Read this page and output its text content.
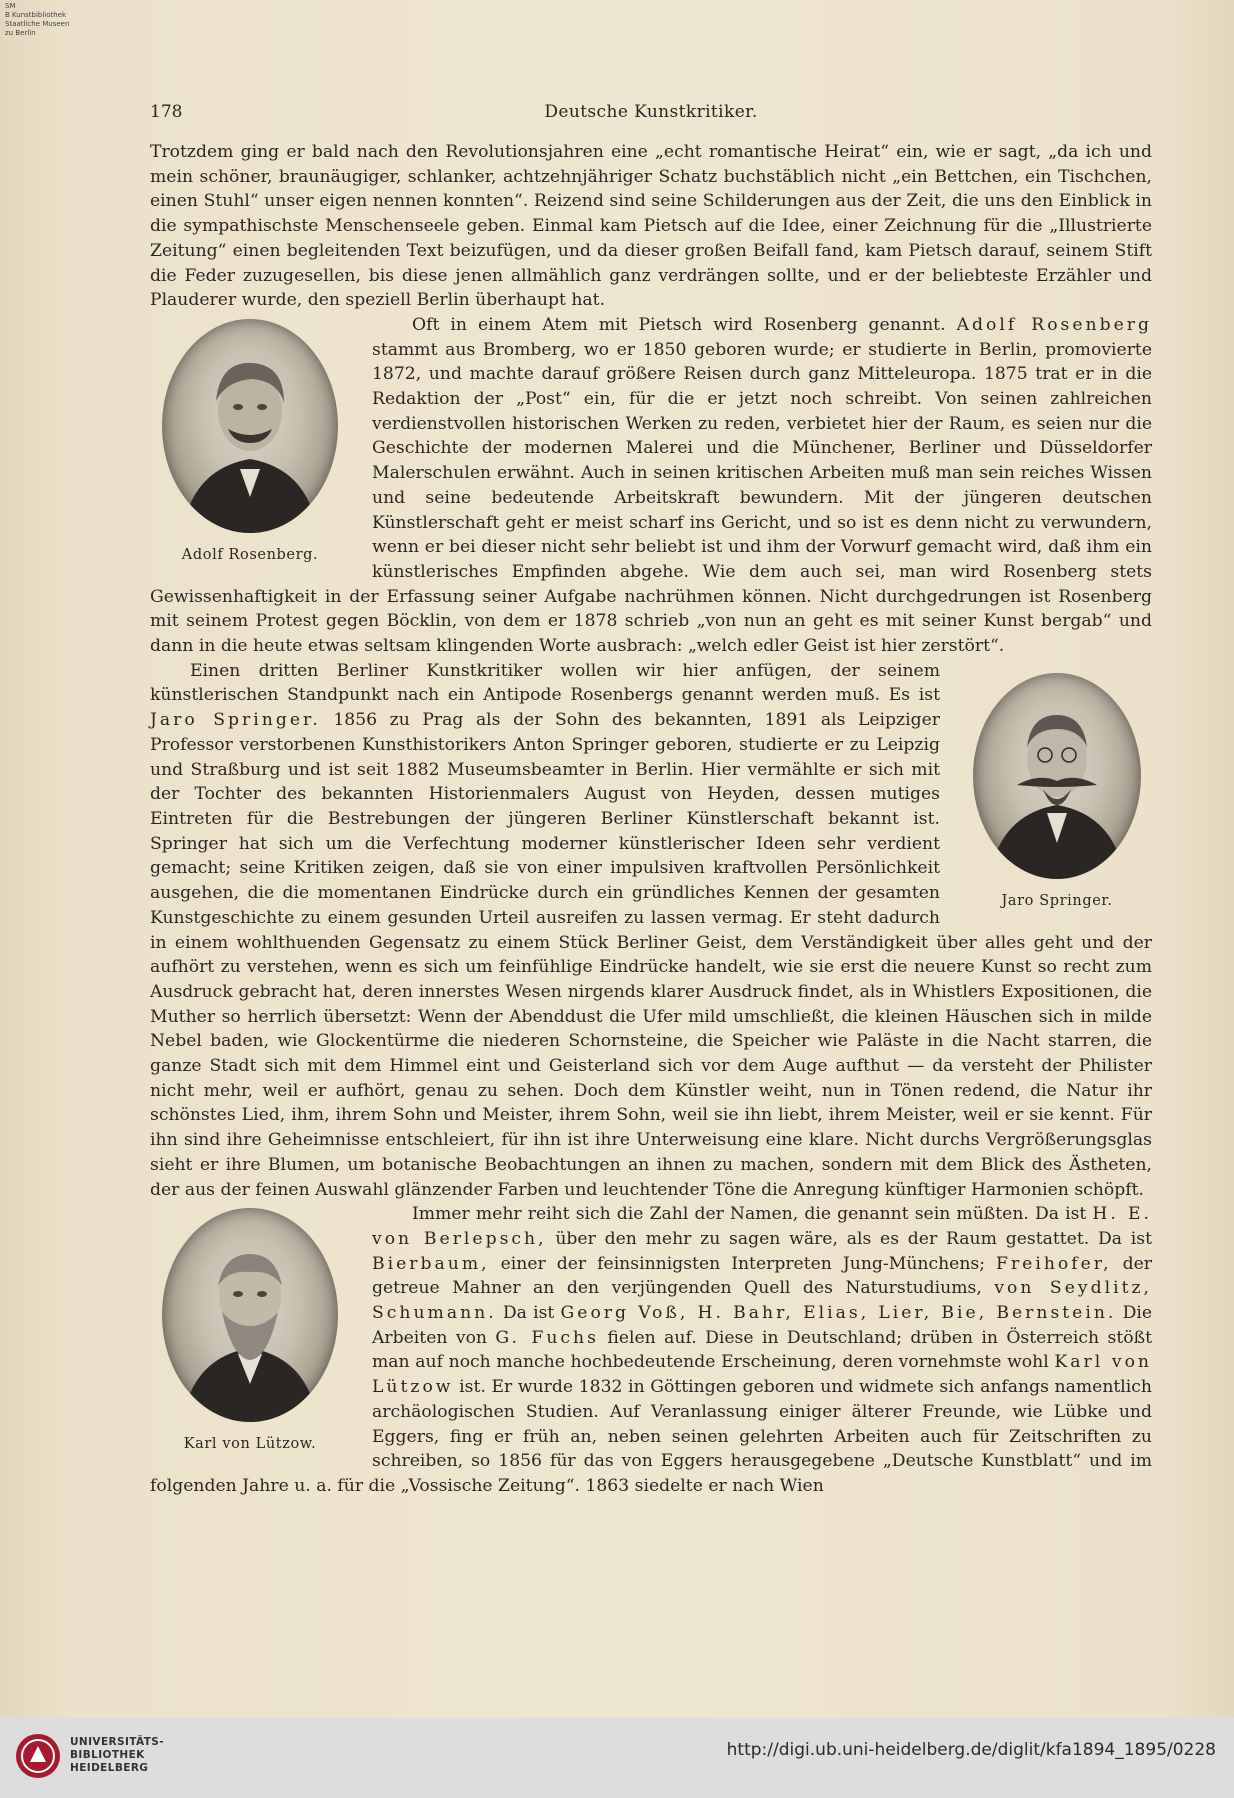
SM
B Kunstbibliothek
Staatliche Museen
zu Berlin
178	Deutsche Kunstkritiker.

Trotzdem ging er bald nach den Revolutionsjahren eine „echt romantische Heirat“ ein, wie er sagt, „da ich und mein schöner, braunäugiger, schlanker, achtzehnjähriger Schatz buchstäblich nicht „ein Bettchen, ein Tischchen, einen Stuhl“ unser eigen nennen konnten“. Reizend sind seine Schilderungen aus der Zeit, die uns den Einblick in die sympathischste Menschenseele geben. Einmal kam Pietsch auf die Idee, einer Zeichnung für die „Illustrierte Zeitung“ einen begleitenden Text beizufügen, und da dieser großen Beifall fand, kam Pietsch darauf, seinem Stift die Feder zuzugesellen, bis diese jenen allmählich ganz verdrängen sollte, und er der beliebteste Erzähler und Plauderer wurde, den speziell Berlin überhaupt hat.

Adolf Rosenberg.

Oft in einem Atem mit Pietsch wird Rosenberg genannt. Adolf Rosenberg stammt aus Bromberg, wo er 1850 geboren wurde; er studierte in Berlin, promovierte 1872, und machte darauf größere Reisen durch ganz Mitteleuropa. 1875 trat er in die Redaktion der „Post“ ein, für die er jetzt noch schreibt. Von seinen zahlreichen verdienstvollen historischen Werken zu reden, verbietet hier der Raum, es seien nur die Geschichte der modernen Malerei und die Münchener, Berliner und Düsseldorfer Malerschulen erwähnt. Auch in seinen kritischen Arbeiten muß man sein reiches Wissen und seine bedeutende Arbeitskraft bewundern. Mit der jüngeren deutschen Künstlerschaft geht er meist scharf ins Gericht, und so ist es denn nicht zu verwundern, wenn er bei dieser nicht sehr beliebt ist und ihm der Vorwurf gemacht wird, daß ihm ein künstlerisches Empfinden abgehe. Wie dem auch sei, man wird Rosenberg stets Gewissenhaftigkeit in der Erfassung seiner Aufgabe nachrühmen können. Nicht durchgedrungen ist Rosenberg mit seinem Protest gegen Böcklin, von dem er 1878 schrieb „von nun an geht es mit seiner Kunst bergab“ und dann in die heute etwas seltsam klingenden Worte ausbrach: „welch edler Geist ist hier zerstört“.

Jaro Springer.

Einen dritten Berliner Kunstkritiker wollen wir hier anfügen, der seinem künstlerischen Standpunkt nach ein Antipode Rosenbergs genannt werden muß. Es ist Jaro Springer. 1856 zu Prag als der Sohn des bekannten, 1891 als Leipziger Professor verstorbenen Kunsthistorikers Anton Springer geboren, studierte er zu Leipzig und Straßburg und ist seit 1882 Museumsbeamter in Berlin. Hier vermählte er sich mit der Tochter des bekannten Historienmalers August von Heyden, dessen mutiges Eintreten für die Bestrebungen der jüngeren Berliner Künstlerschaft bekannt ist. Springer hat sich um die Verfechtung moderner künstlerischer Ideen sehr verdient gemacht; seine Kritiken zeigen, daß sie von einer impulsiven kraftvollen Persönlichkeit ausgehen, die die momentanen Eindrücke durch ein gründliches Kennen der gesamten Kunstgeschichte zu einem gesunden Urteil ausreifen zu lassen vermag. Er steht dadurch in einem wohlthuenden Gegensatz zu einem Stück Berliner Geist, dem Verständigkeit über alles geht und der aufhört zu verstehen, wenn es sich um feinfühlige Eindrücke handelt, wie sie erst die neuere Kunst so recht zum Ausdruck gebracht hat, deren innerstes Wesen nirgends klarer Ausdruck findet, als in Whistlers Expositionen, die Muther so herrlich übersetzt: Wenn der Abenddust die Ufer mild umschließt, die kleinen Häuschen sich in milde Nebel baden, wie Glockentürme die niederen Schornsteine, die Speicher wie Paläste in die Nacht starren, die ganze Stadt sich mit dem Himmel eint und Geisterland sich vor dem Auge aufthut — da versteht der Philister nicht mehr, weil er aufhört, genau zu sehen. Doch dem Künstler weiht, nun in Tönen redend, die Natur ihr schönstes Lied, ihm, ihrem Sohn und Meister, ihrem Sohn, weil sie ihn liebt, ihrem Meister, weil er sie kennt. Für ihn sind ihre Geheimnisse entschleiert, für ihn ist ihre Unterweisung eine klare. Nicht durchs Vergrößerungsglas sieht er ihre Blumen, um botanische Beobachtungen an ihnen zu machen, sondern mit dem Blick des Ästheten, der aus der feinen Auswahl glänzender Farben und leuchtender Töne die Anregung künftiger Harmonien schöpft.

Karl von Lützow.

Immer mehr reiht sich die Zahl der Namen, die genannt sein müßten. Da ist H. E. von Berlepsch, über den mehr zu sagen wäre, als es der Raum gestattet. Da ist Bierbaum, einer der feinsinnigsten Interpreten Jung-Münchens; Freihofer, der getreue Mahner an den verjüngenden Quell des Naturstudiums, von Seydlitz, Schumann. Da ist Georg Voß, H. Bahr, Elias, Lier, Bie, Bernstein. Die Arbeiten von G. Fuchs fielen auf. Diese in Deutschland; drüben in Österreich stößt man auf noch manche hochbedeutende Erscheinung, deren vornehmste wohl Karl von Lützow ist. Er wurde 1832 in Göttingen geboren und widmete sich anfangs namentlich archäologischen Studien. Auf Veranlassung einiger älterer Freunde, wie Lübke und Eggers, fing er früh an, neben seinen gelehrten Arbeiten auch für Zeitschriften zu schreiben, so 1856 für das von Eggers herausgegebene „Deutsche Kunstblatt“ und im folgenden Jahre u. a. für die „Vossische Zeitung“. 1863 siedelte er nach Wien

UNIVERSITÄTS-
BIBLIOTHEK
HEIDELBERG
http://digi.ub.uni-heidelberg.de/diglit/kfa1894_1895/0228
